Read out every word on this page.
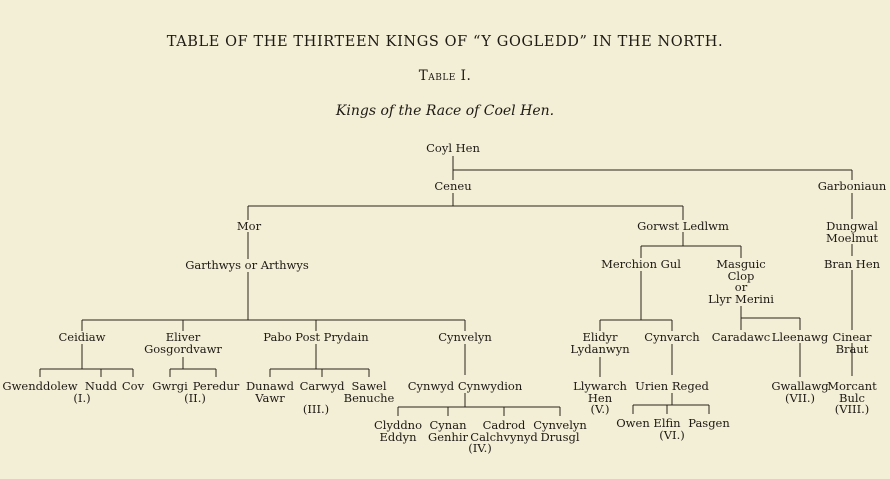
TABLE OF THE THIRTEEN KINGS OF “Y GOGLEDD” IN THE NORTH.
Table I.
Kings of the Race of Coel Hen.
Coyl Hen
Ceneu	Garboniaun
Mor	Gorwst Ledlwm	Dungwal
Moelmut
Garthwys or Arthwys	Merchion Gul	Masguic
Clop
or
Llyr Merini
Bran Hen
Ceidiaw	Eliver
Gosgordvawr
Pabo Post Prydain	Cynvelyn	Elidyr
Lydanwyn
Cynvarch Caradawc Lleenawg Cinear
Braut
Gwenddolew
(I.)
Nudd Cov Gwrgi Peredur
(II.)
Dunawd
Vawr
Carwyd Sawel
Benuche
(III.)
Cynwyd Cynwydion	Llywarch
Hen
(V.)
Urien Reged	Gwallawg
(VII.)
Morcant
Bulc
(VIII.)
Clyddno
Eddyn
Cynan
Genhir
Cadrod
Calchvynyd
Cynvelyn
Drusgl
(IV.)
Owen Elfin Pasgen
(VI.)
